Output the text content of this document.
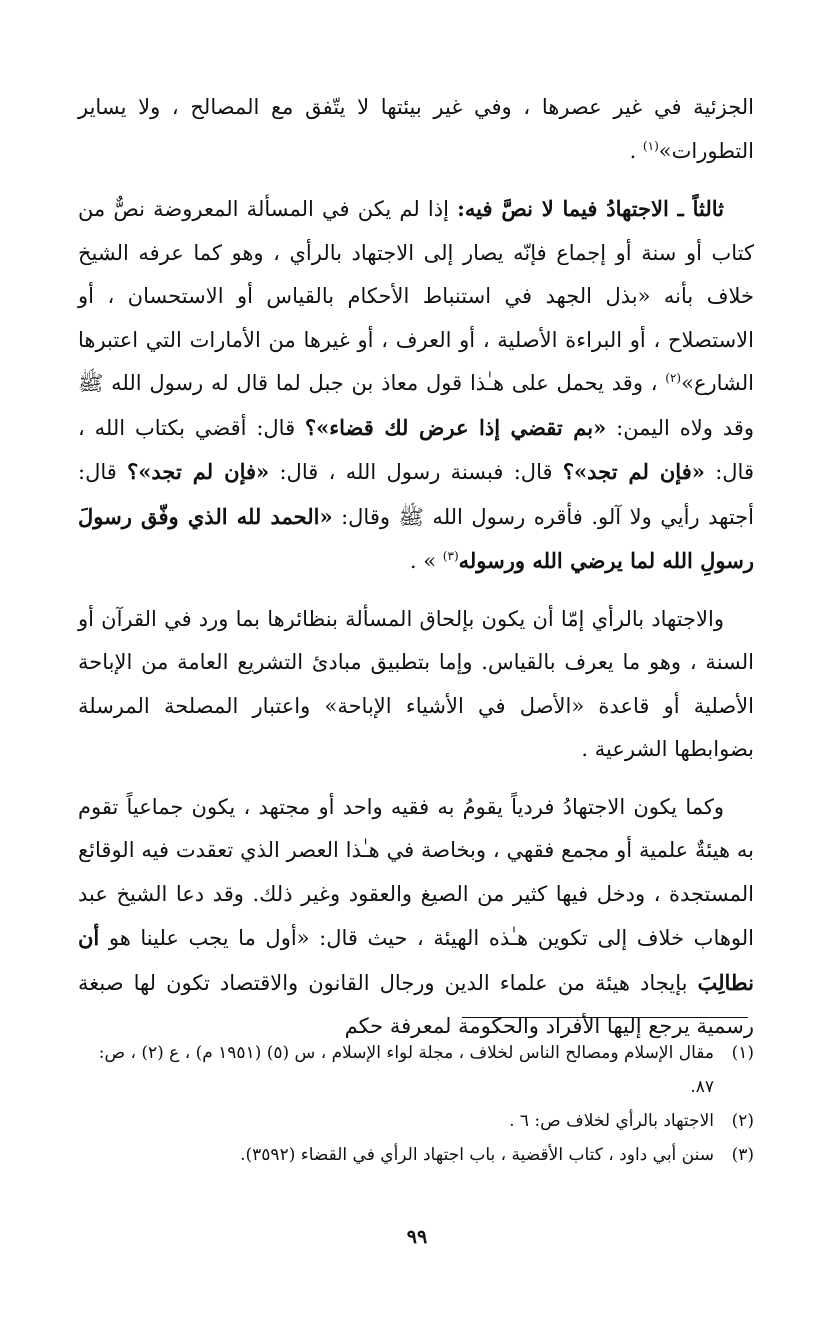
الجزئية في غير عصرها ، وفي غير بيئتها لا يتّفق مع المصالح ، ولا يساير التطورات»$^{(١)}$ .

ثالثاً ـ الاجتهادُ فيما لا نصَّ فيه: إذا لم يكن في المسألة المعروضة نصٌّ من كتاب أو سنة أو إجماع فإنّه يصار إلى الاجتهاد بالرأي ، وهو كما عرفه الشيخ خلاف بأنه «بذل الجهد في استنباط الأحكام بالقياس أو الاستحسان ، أو الاستصلاح ، أو البراءة الأصلية ، أو العرف ، أو غيرها من الأمارات التي اعتبرها الشارع»$^{(٢)}$ ، وقد يحمل على هـٰذا قول معاذ بن جبل لما قال له رسول الله ﷺ وقد ولاه اليمن: «بم تقضي إذا عرض لك قضاء»؟ قال: أقضي بكتاب الله ، قال: «فإن لم تجد»؟ قال: فبسنة رسول الله ، قال: «فإن لم تجد»؟ قال: أجتهد رأيي ولا آلو. فأقره رسول الله ﷺ وقال: «الحمد لله الذي وفّق رسولَ رسولِ الله لما يرضي الله ورسوله$^{(٣)}$ » .

والاجتهاد بالرأي إمّا أن يكون بإلحاق المسألة بنظائرها بما ورد في القرآن أو السنة ، وهو ما يعرف بالقياس. وإما بتطبيق مبادئ التشريع العامة من الإباحة الأصلية أو قاعدة «الأصل في الأشياء الإباحة» واعتبار المصلحة المرسلة بضوابطها الشرعية .

وكما يكون الاجتهادُ فردياً يقومُ به فقيه واحد أو مجتهد ، يكون جماعياً تقوم به هيئةٌ علمية أو مجمع فقهي ، وبخاصة في هـٰذا العصر الذي تعقدت فيه الوقائع المستجدة ، ودخل فيها كثير من الصيغ والعقود وغير ذلك. وقد دعا الشيخ عبد الوهاب خلاف إلى تكوين هـٰذه الهيئة ، حيث قال: «أول ما يجب علينا هو أن نطالِبَ بإيجاد هيئة من علماء الدين ورجال القانون والاقتصاد تكون لها صبغة رسمية يرجع إليها الأفراد والحكومة لمعرفة حكم

(١)
مقال الإسلام ومصالح الناس لخلاف ، مجلة لواء الإسلام ، س (٥) (١٩٥١ م) ، ع (٢) ، ص: ٨٧.
(٢)
الاجتهاد بالرأي لخلاف ص: ٦ .
(٣)
سنن أبي داود ، كتاب الأقضية ، باب اجتهاد الرأي في القضاء (٣٥٩٢).
٩٩
